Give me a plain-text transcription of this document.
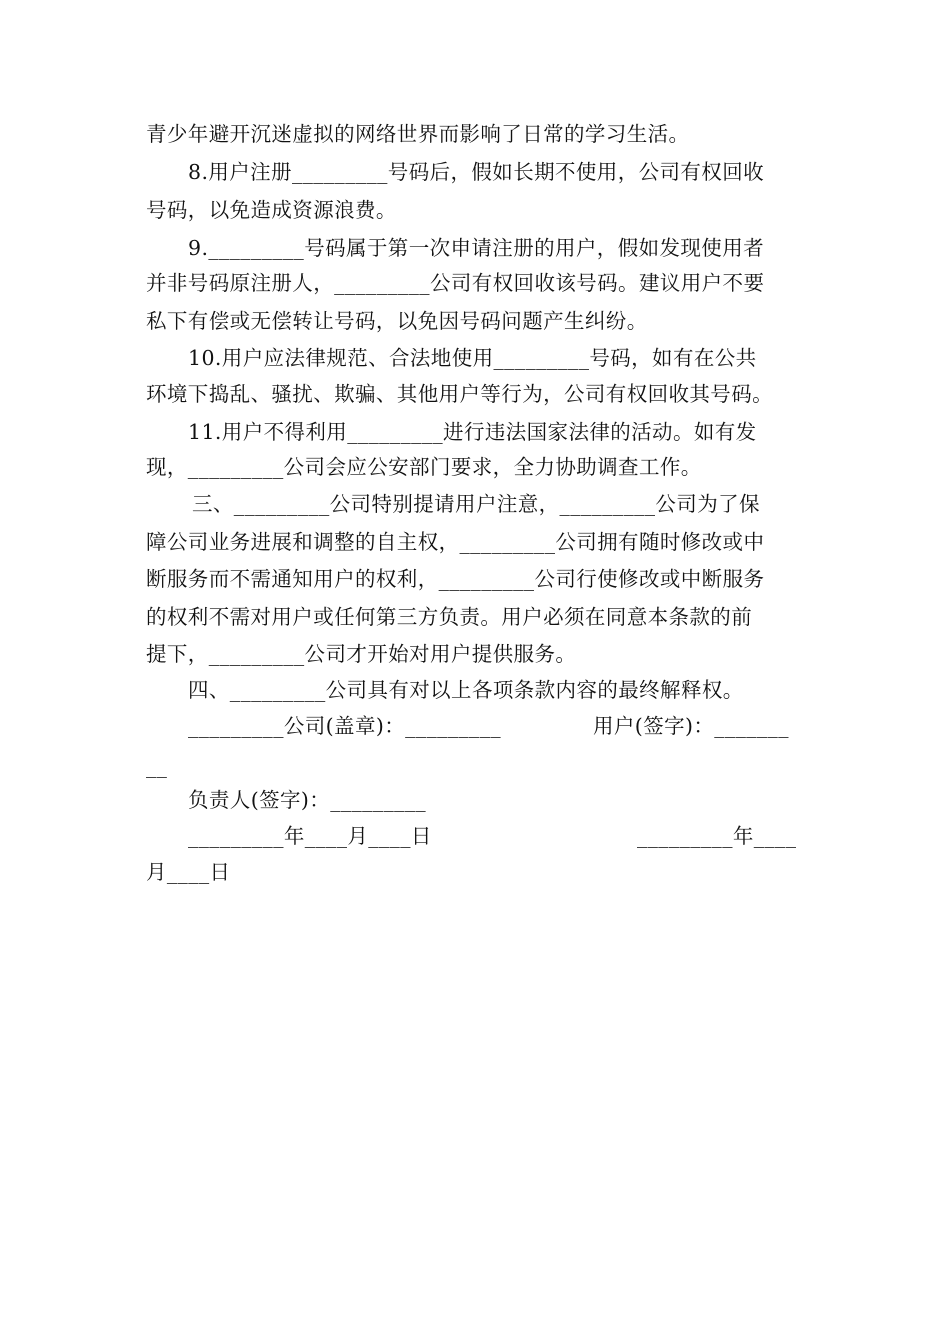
青少年避开沉迷虚拟的网络世界而影响了日常的学习生活。
8.用户注册_________号码后，假如长期不使用，公司有权回收
号码，以免造成资源浪费。
9._________号码属于第一次申请注册的用户，假如发现使用者
并非号码原注册人，_________公司有权回收该号码。建议用户不要
私下有偿或无偿转让号码，以免因号码问题产生纠纷。
10.用户应法律规范、合法地使用_________号码，如有在公共
环境下捣乱、骚扰、欺骗、其他用户等行为，公司有权回收其号码。
11.用户不得利用_________进行违法国家法律的活动。如有发
现，_________公司会应公安部门要求，全力协助调查工作。
三、_________公司特别提请用户注意，_________公司为了保
障公司业务进展和调整的自主权，_________公司拥有随时修改或中
断服务而不需通知用户的权利，_________公司行使修改或中断服务
的权利不需对用户或任何第三方负责。用户必须在同意本条款的前
提下，_________公司才开始对用户提供服务。
四、_________公司具有对以上各项条款内容的最终解释权。
_________公司(盖章)：_________	用户(签字)：_______
__
负责人(签字)：_________
_________年____月____日	_________年____
月____日
